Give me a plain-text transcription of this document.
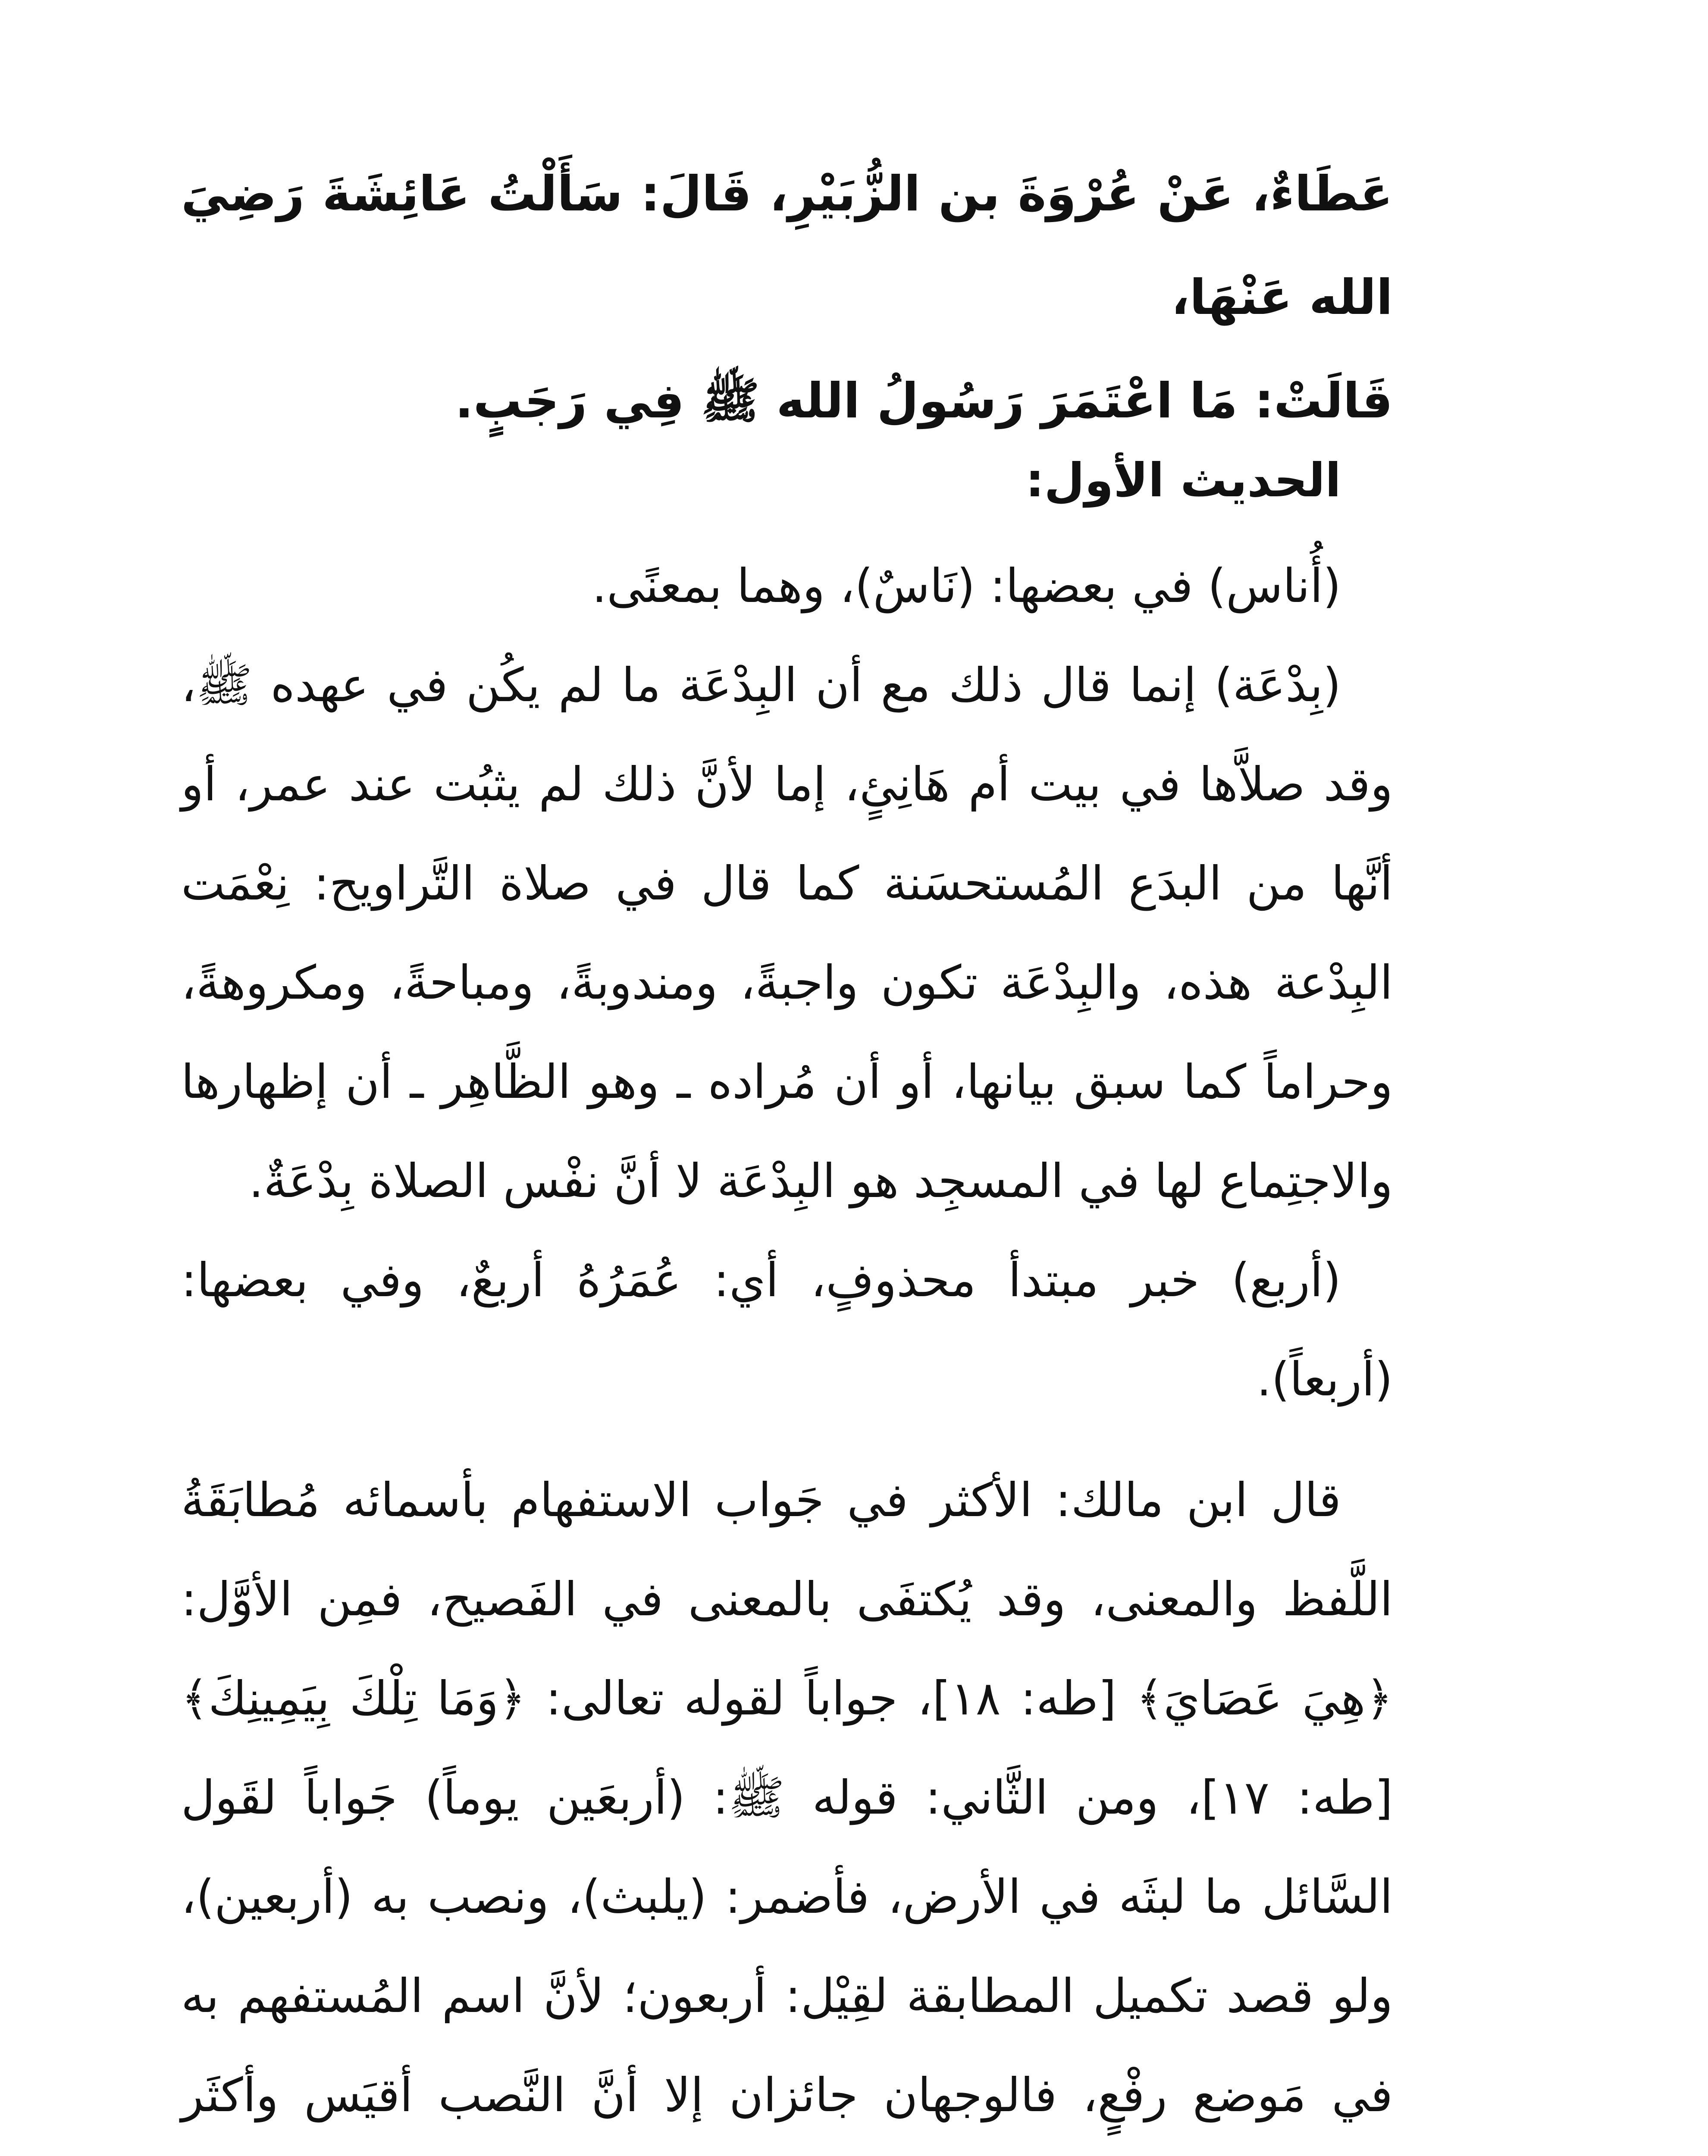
عَطَاءٌ، عَنْ عُرْوَةَ بن الزُّبَيْرِ، قَالَ: سَأَلْتُ عَائِشَةَ رَضِيَ الله عَنْهَا،

قَالَتْ: مَا اعْتَمَرَ رَسُولُ الله ﷺ فِي رَجَبٍ.

الحديث الأول:

(أُناس) في بعضها: (نَاسٌ)، وهما بمعنًى.

(بِدْعَة) إنما قال ذلك مع أن البِدْعَة ما لم يكُن في عهده ﷺ، وقد صلاَّها في بيت أم هَانِئٍ، إما لأنَّ ذلك لم يثبُت عند عمر، أو أنَّها من البدَع المُستحسَنة كما قال في صلاة التَّراويح: نِعْمَت البِدْعة هذه، والبِدْعَة تكون واجبةً، ومندوبةً، ومباحةً، ومكروهةً، وحراماً كما سبق بيانها، أو أن مُراده ـ وهو الظَّاهِر ـ أن إظهارها والاجتِماع لها في المسجِد هو البِدْعَة لا أنَّ نفْس الصلاة بِدْعَةٌ.

(أربع) خبر مبتدأ محذوفٍ، أي: عُمَرُهُ أربعٌ، وفي بعضها: (أربعاً).

قال ابن مالك: الأكثر في جَواب الاستفهام بأسمائه مُطابَقَةُ اللَّفظ والمعنى، وقد يُكتفَى بالمعنى في الفَصيح، فمِن الأوَّل: ﴿هِيَ عَصَايَ﴾ [طه: ١٨]، جواباً لقوله تعالى: ﴿وَمَا تِلْكَ بِيَمِينِكَ﴾[طه: ١٧]، ومن الثَّاني: قوله ﷺ: (أربعَين يوماً) جَواباً لقَول السَّائل ما لبثَه في الأرض، فأضمر: (يلبث)، ونصب به (أربعين)، ولو قصد تكميل المطابقة لقِيْل: أربعون؛ لأنَّ اسم المُستفهم به في مَوضع رفْعٍ، فالوجهان جائزان إلا أنَّ النَّصب أقيَس وأكثَر
